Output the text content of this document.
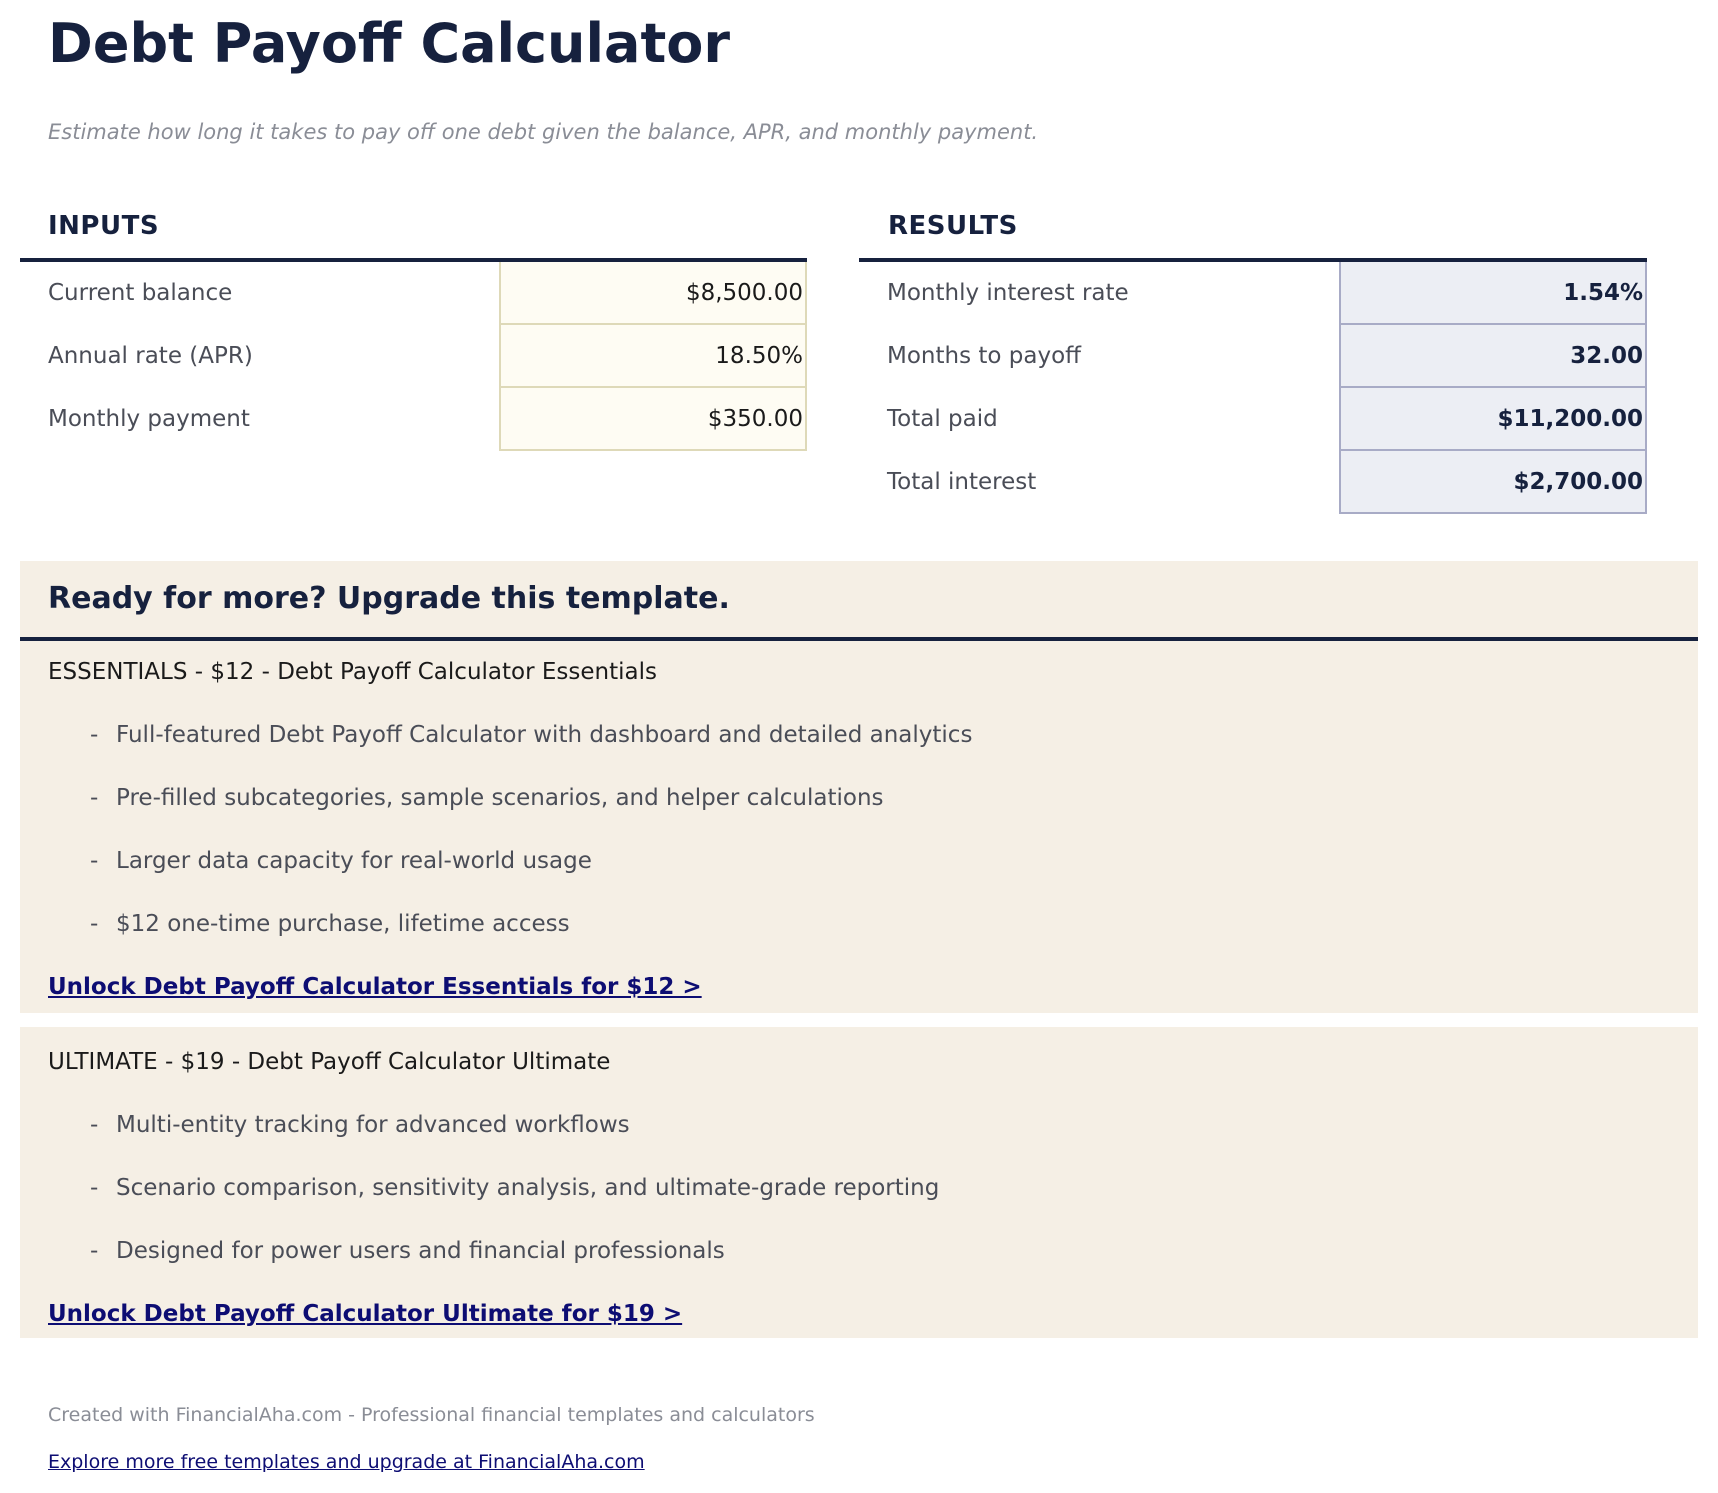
Debt Payoff Calculator
Estimate how long it takes to pay off one debt given the balance, APR, and monthly payment.
INPUTS
Current balance	$8,500.00
Annual rate (APR)	18.50%
Monthly payment	$350.00
RESULTS
Monthly interest rate	1.54%
Months to payoff	32.00
Total paid	$11,200.00
Total interest	$2,700.00
Ready for more? Upgrade this template.
ESSENTIALS - $12 - Debt Payoff Calculator Essentials
- Full-featured Debt Payoff Calculator with dashboard and detailed analytics
- Pre-filled subcategories, sample scenarios, and helper calculations
- Larger data capacity for real-world usage
- $12 one-time purchase, lifetime access
Unlock Debt Payoff Calculator Essentials for $12 >
ULTIMATE - $19 - Debt Payoff Calculator Ultimate
- Multi-entity tracking for advanced workflows
- Scenario comparison, sensitivity analysis, and ultimate-grade reporting
- Designed for power users and financial professionals
Unlock Debt Payoff Calculator Ultimate for $19 >
Created with FinancialAha.com - Professional financial templates and calculators
Explore more free templates and upgrade at FinancialAha.com
